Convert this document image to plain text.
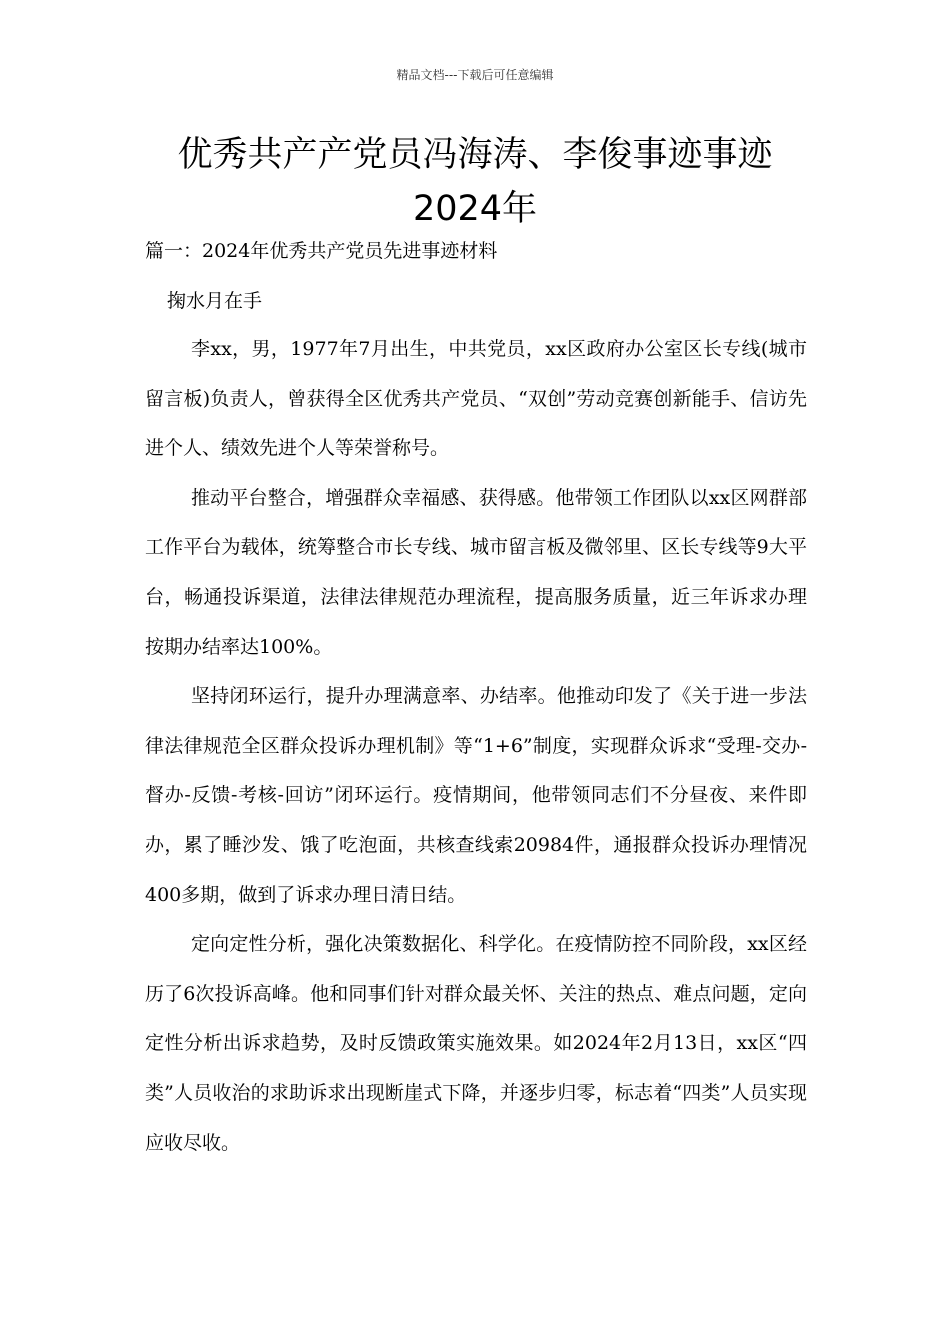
精品文档---下载后可任意编辑
优秀共产产党员冯海涛、李俊事迹事迹
2024年
篇一：2024年优秀共产党员先进事迹材料
掬水月在手

李xx，男，1977年7月出生，中共党员，xx区政府办公室区长专线(城市留言板)负责人，曾获得全区优秀共产党员、“双创”劳动竞赛创新能手、信访先进个人、绩效先进个人等荣誉称号。

推动平台整合，增强群众幸福感、获得感。他带领工作团队以xx区网群部工作平台为载体，统筹整合市长专线、城市留言板及微邻里、区长专线等9大平台，畅通投诉渠道，法律法律规范办理流程，提高服务质量，近三年诉求办理按期办结率达100%。

坚持闭环运行，提升办理满意率、办结率。他推动印发了《关于进一步法律法律规范全区群众投诉办理机制》等“1+6”制度，实现群众诉求“受理-交办-督办-反馈-考核-回访”闭环运行。疫情期间，他带领同志们不分昼夜、来件即办，累了睡沙发、饿了吃泡面，共核查线索20984件，通报群众投诉办理情况400多期，做到了诉求办理日清日结。

定向定性分析，强化决策数据化、科学化。在疫情防控不同阶段，xx区经历了6次投诉高峰。他和同事们针对群众最关怀、关注的热点、难点问题，定向定性分析出诉求趋势，及时反馈政策实施效果。如2024年2月13日，xx区“四类”人员收治的求助诉求出现断崖式下降，并逐步归零，标志着“四类”人员实现应收尽收。
